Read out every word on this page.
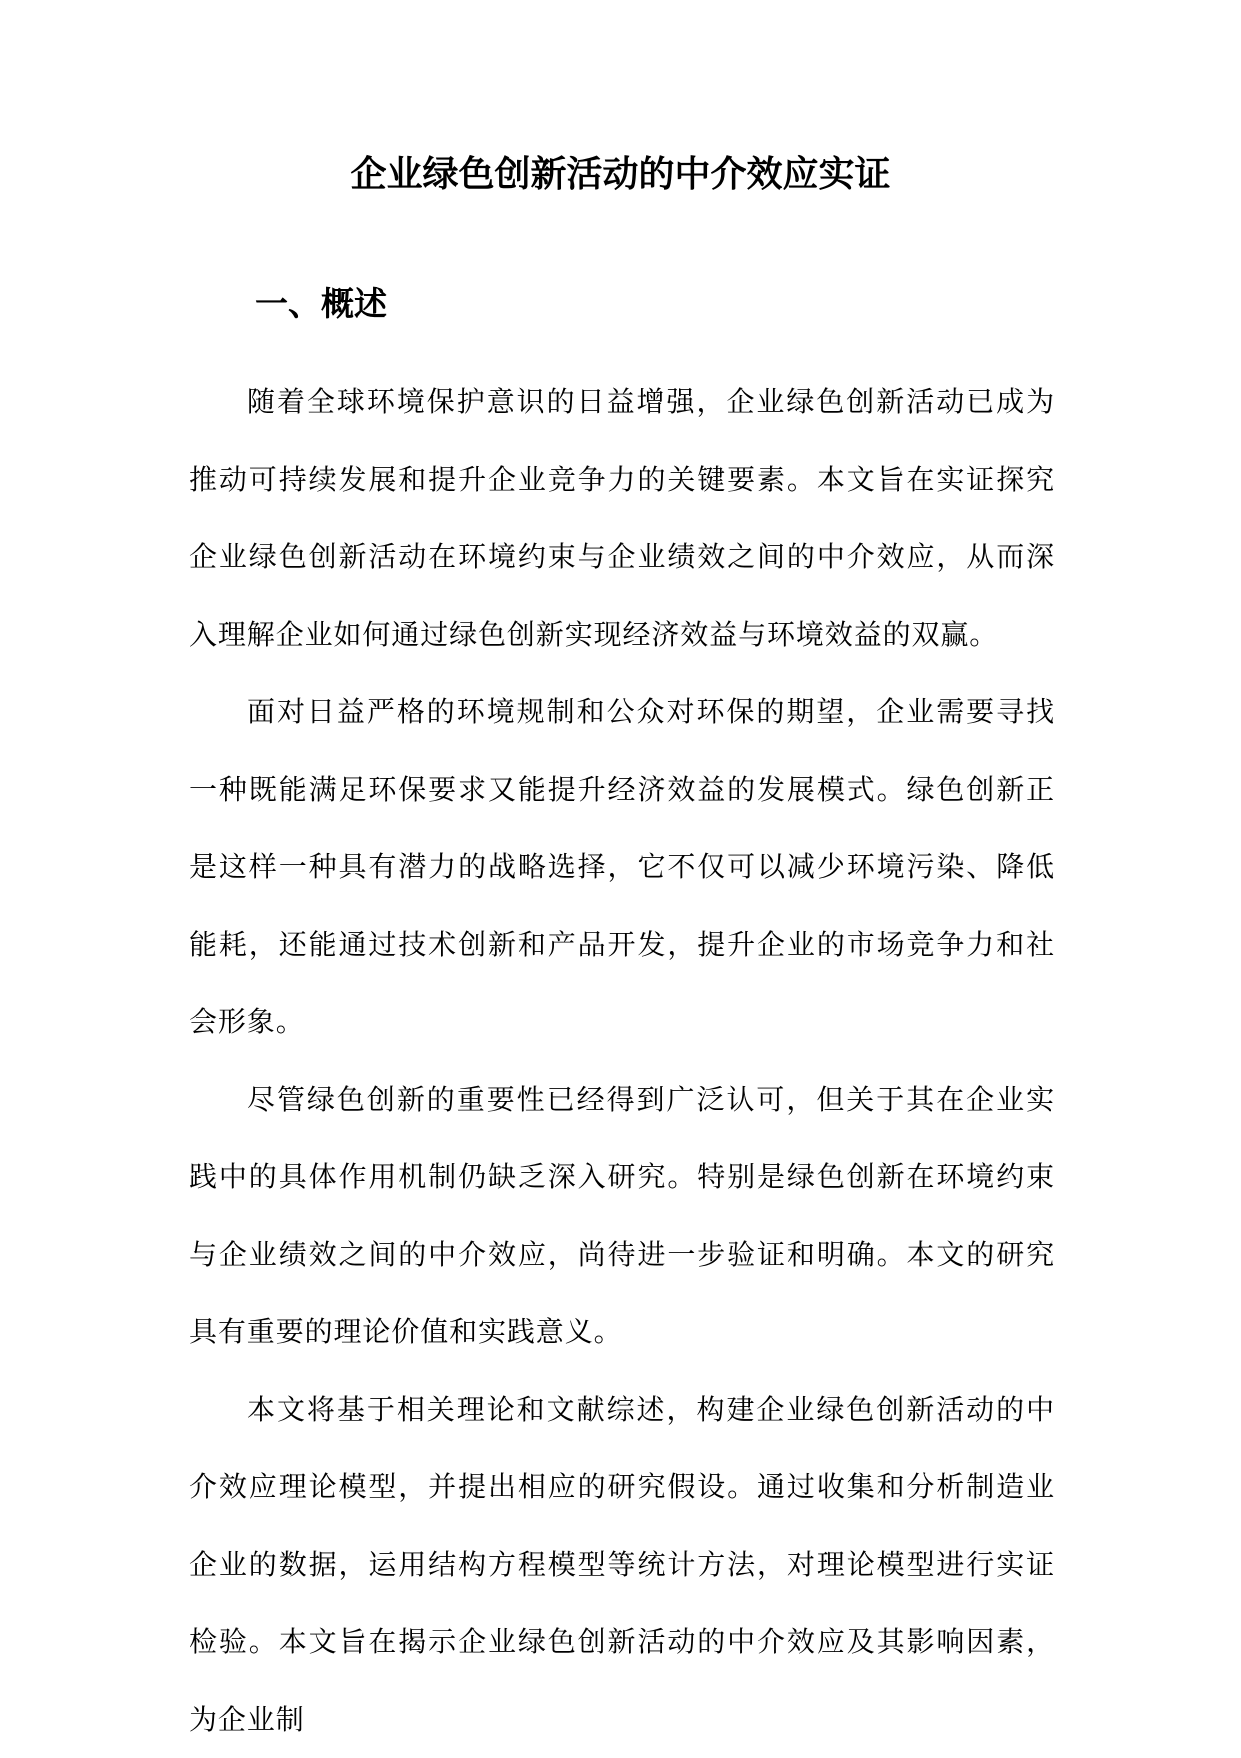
企业绿色创新活动的中介效应实证
一、概述

随着全球环境保护意识的日益增强，企业绿色创新活动已成为推动可持续发展和提升企业竞争力的关键要素。本文旨在实证探究企业绿色创新活动在环境约束与企业绩效之间的中介效应，从而深入理解企业如何通过绿色创新实现经济效益与环境效益的双赢。

面对日益严格的环境规制和公众对环保的期望，企业需要寻找一种既能满足环保要求又能提升经济效益的发展模式。绿色创新正是这样一种具有潜力的战略选择，它不仅可以减少环境污染、降低能耗，还能通过技术创新和产品开发，提升企业的市场竞争力和社会形象。

尽管绿色创新的重要性已经得到广泛认可，但关于其在企业实践中的具体作用机制仍缺乏深入研究。特别是绿色创新在环境约束与企业绩效之间的中介效应，尚待进一步验证和明确。本文的研究具有重要的理论价值和实践意义。

本文将基于相关理论和文献综述，构建企业绿色创新活动的中介效应理论模型，并提出相应的研究假设。通过收集和分析制造业企业的数据，运用结构方程模型等统计方法，对理论模型进行实证检验。本文旨在揭示企业绿色创新活动的中介效应及其影响因素，为企业制
